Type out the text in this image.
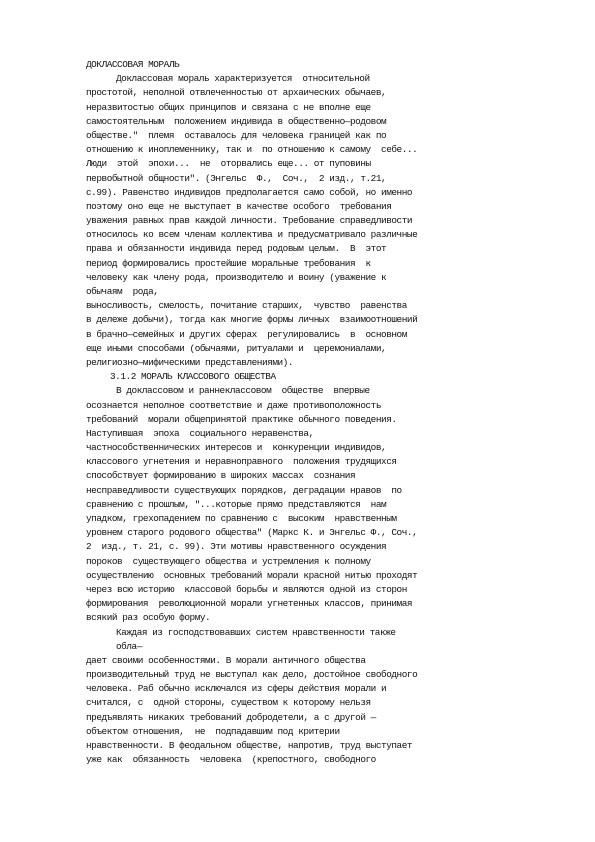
ДОКЛАССОВАЯ МОРАЛЬ
Доклассовая мораль характеризуется  относительной
простотой, неполной отвлеченностью от архаических обычаев,
неразвитостью общих принципов и связана с не вполне еще
самостоятельным  положением индивида в общественно—родовом
обществе."  племя  оставалось для человека границей как по
отношению к иноплеменнику, так и  по отношению к самому  себе...
Люди  этой  эпохи...  не  оторвались еще... от пуповины
первобытной общности". (Энгельс  Ф.,  Соч.,  2 изд., т.21,
с.99). Равенство индивидов предполагается само собой, но именно
поэтому оно еще не выступает в качестве особого  требования
уважения равных прав каждой личности. Требование справедливости
относилось ко всем членам коллектива и предусматривало различные
права и обязанности индивида перед родовым целым.  В  этот
период формировались простейшие моральные требования  к
человеку как члену рода, производителю и воину (уважение к
обычаям  рода,
выносливость, смелость, почитание старших,  чувство  равенства
в дележе добычи), тогда как многие формы личных  взаимоотношений
в брачно—семейных и других сферах  регулировались  в  основном
еще иными способами (обычаями, ритуалами и  церемониалами,
религиозно—мифическими представлениями).
3.1.2 МОРАЛЬ КЛАССОВОГО ОБЩЕСТВА
В доклассовом и раннеклассовом  обществе  впервые
осознается неполное соответствие и даже противоположность
требований  морали общепринятой практике обычного поведения.
Наступившая  эпоха  социального неравенства,
частнособственнических интересов и  конкуренции индивидов,
классового угнетения и неравноправного  положения трудящихся
способствует формированию в широких массах  сознания
несправедливости существующих порядков, деградации нравов  по
сравнению с прошлым, "...которые прямо представляются  нам
упадком, грехопадением по сравнению с  высоким  нравственным
уровнем старого родового общества" (Маркс К. и Энгельс Ф., Соч.,
2  изд., т. 21, с. 99). Эти мотивы нравственного осуждения
пороков  существующего общества и устремления к полному
осуществлению  основных требований морали красной нитью проходят
через всю историю  классовой борьбы и являются одной из сторон
формирования  революционной морали угнетенных классов, принимая
всякий раз особую форму.
Каждая из господствовавших систем нравственности также
обла—
дает своими особенностями. В морали античного общества
производительный труд не выступал как дело, достойное свободного
человека. Раб обычно исключался из сферы действия морали и
считался, с  одной стороны, существом к которому нельзя
предъявлять никаких требований добродетели, а с другой —
объектом отношения,  не  подпадавшим под критерии
нравственности. В феодальном обществе, напротив, труд выступает
уже как  обязанность  человека  (крепостного, свободного
